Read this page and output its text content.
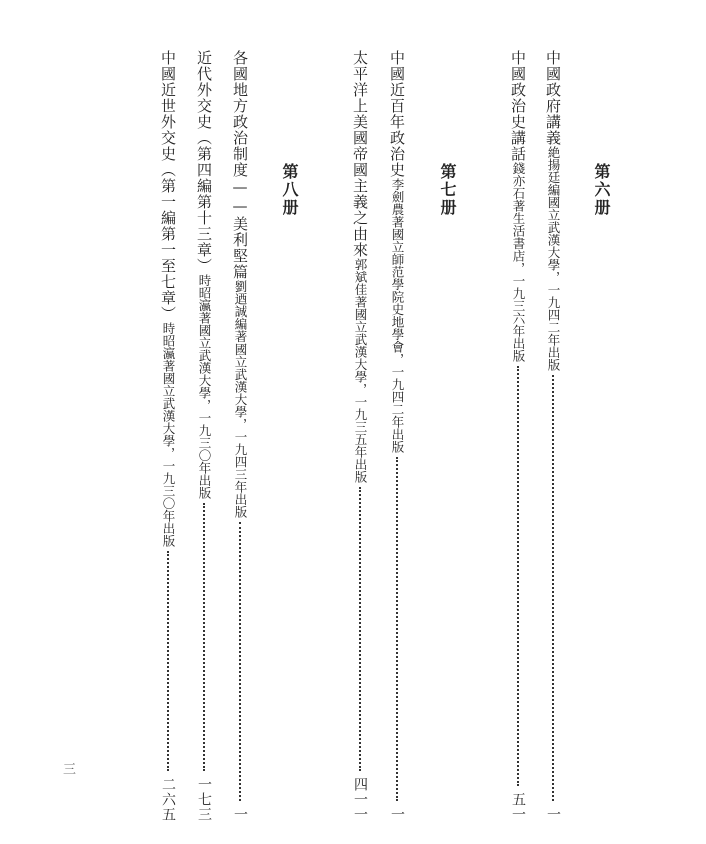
第六册
中國政府講義
絶揚廷編
國立武漢大學，一九四二年出版
一
中國政治史講話
錢亦石著
生活書店，一九三六年出版
五一
第七册
中國近百年政治史
李劍農著
國立師范學院史地學會，一九四二年出版
一
太平洋上美國帝國主義之由來
郭斌佳著
國立武漢大學，一九三五年出版
四一一
第八册
各國地方政治制度——美利堅篇
劉迺誠編著
國立武漢大學，一九四三年出版
一
近代外交史（第四編第十三章）
時昭瀛著
國立武漢大學，一九三〇年出版
一七三
中國近世外交史（第一編第一至七章）
時昭瀛著
國立武漢大學，一九三〇年出版
二六五
三
